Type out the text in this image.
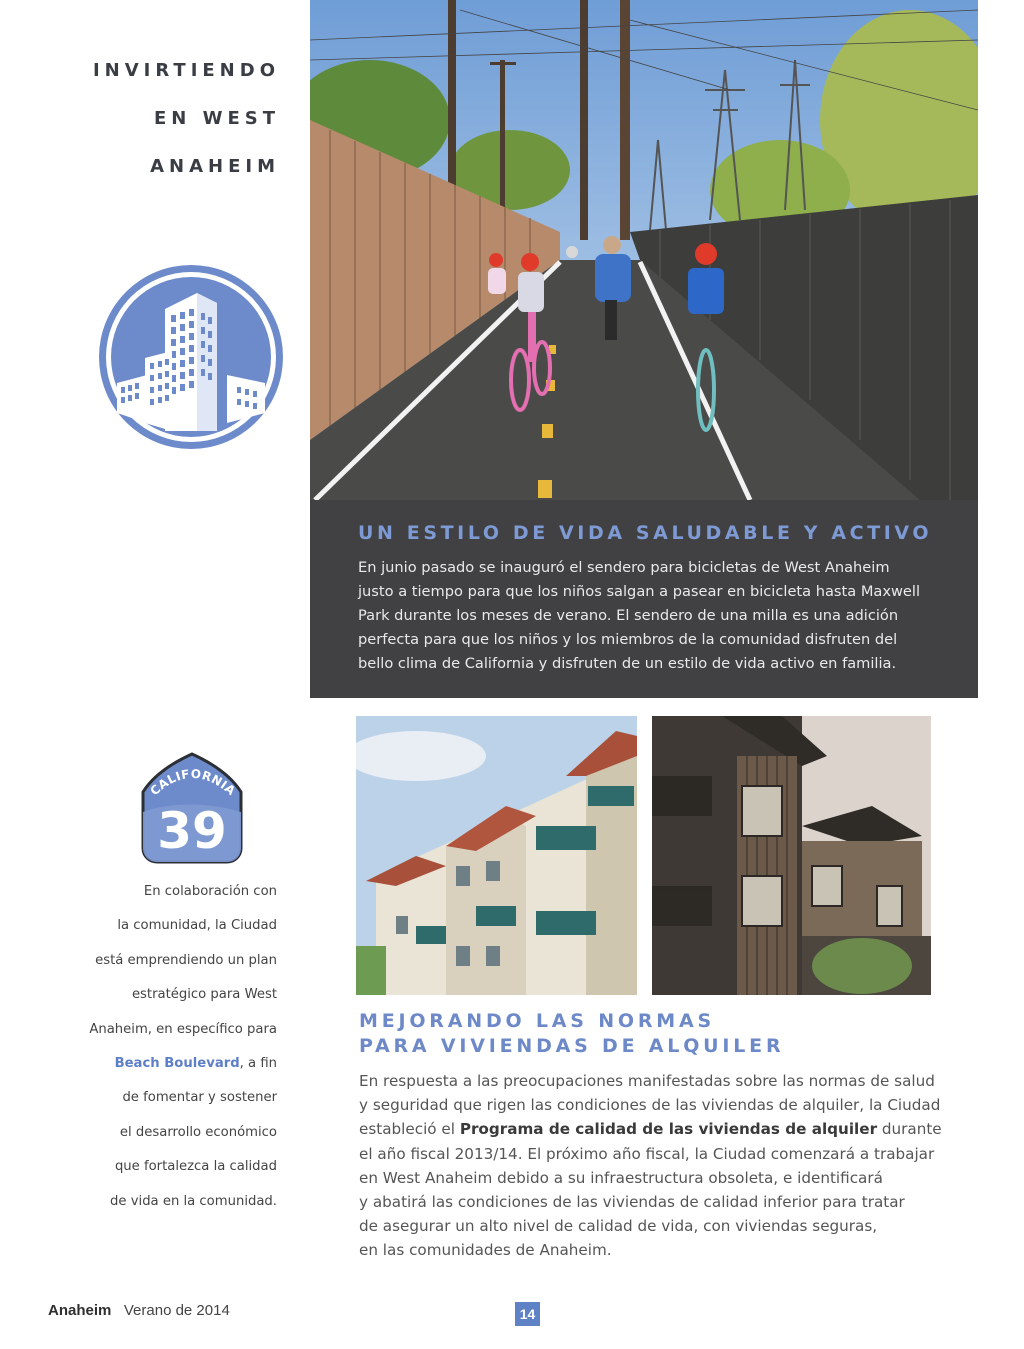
INVIRTIENDO
EN WEST
ANAHEIM
UN ESTILO DE VIDA SALUDABLE Y ACTIVO

En junio pasado se inauguró el sendero para bicicletas de West Anaheim
justo a tiempo para que los niños salgan a pasear en bicicleta hasta Maxwell
Park durante los meses de verano. El sendero de una milla es una adición
perfecta para que los niños y los miembros de la comunidad disfruten del
bello clima de California y disfruten de un estilo de vida activo en familia.

CALIFORNIA
39
En colaboración con
la comunidad, la Ciudad
está emprendiendo un plan
estratégico para West
Anaheim, en específico para
Beach Boulevard, a fin
de fomentar y sostener
el desarrollo económico
que fortalezca la calidad
de vida en la comunidad.
MEJORANDO LAS NORMAS
PARA VIVIENDAS DE ALQUILER
En respuesta a las preocupaciones manifestadas sobre las normas de salud
y seguridad que rigen las condiciones de las viviendas de alquiler, la Ciudad
estableció el Programa de calidad de las viviendas de alquiler durante
el año fiscal 2013/14. El próximo año fiscal, la Ciudad comenzará a trabajar
en West Anaheim debido a su infraestructura obsoleta, e identificará
y abatirá las condiciones de las viviendas de calidad inferior para tratar
de asegurar un alto nivel de calidad de vida, con viviendas seguras,
en las comunidades de Anaheim.
Anaheim Verano de 2014	14
